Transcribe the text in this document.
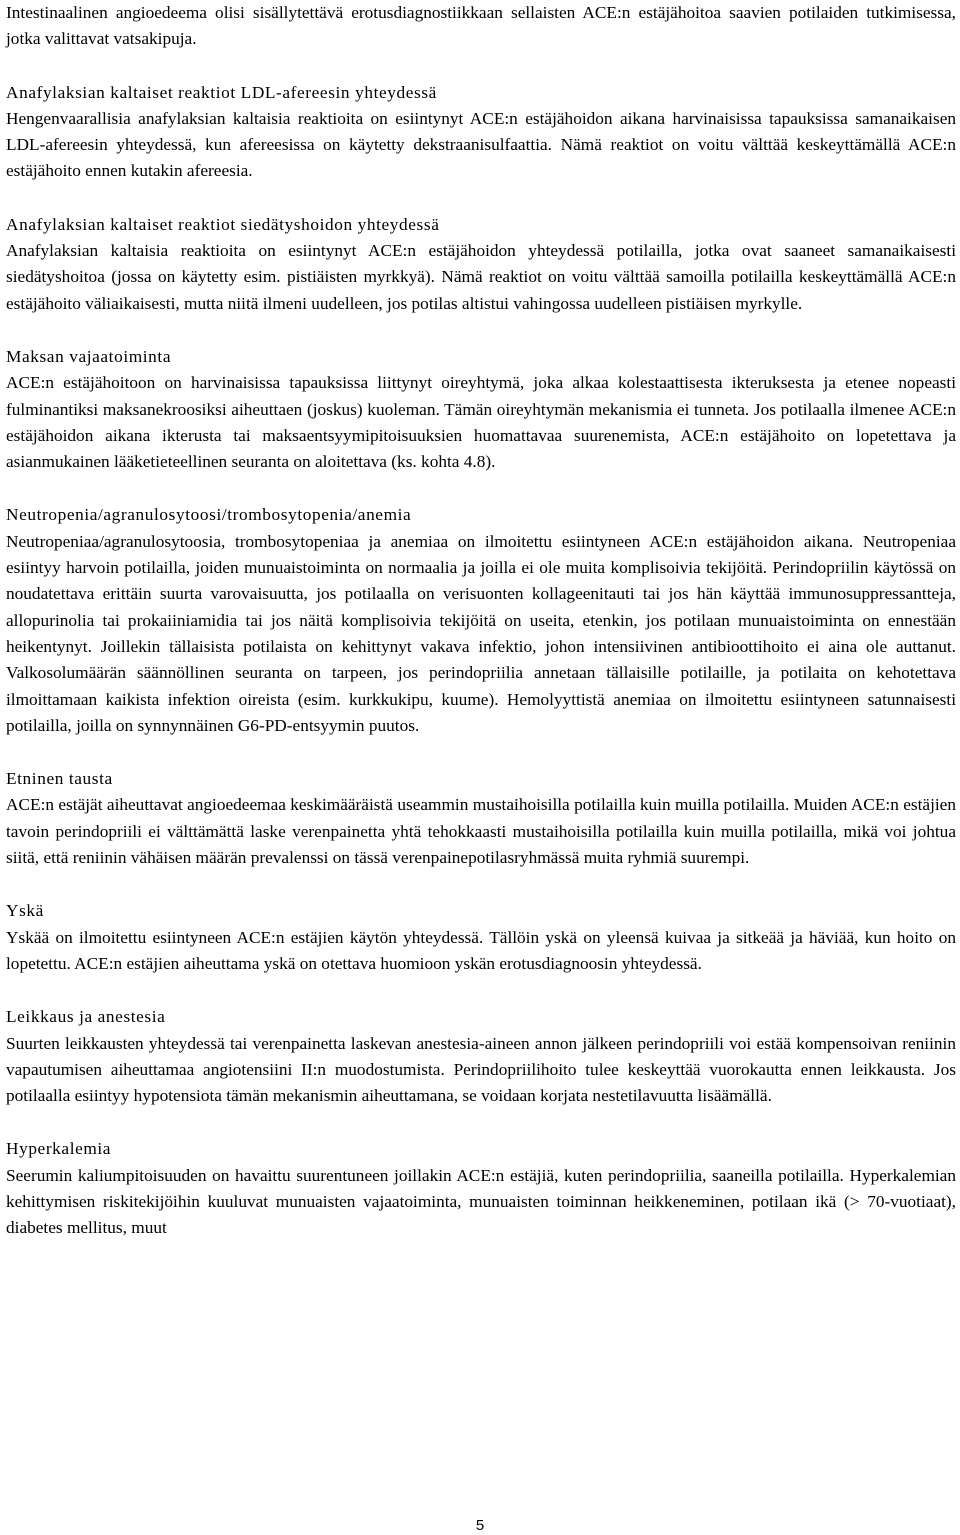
Intestinaalinen angioedeema olisi sisällytettävä erotusdiagnostiikkaan sellaisten ACE:n estäjähoitoa saavien potilaiden tutkimisessa, jotka valittavat vatsakipuja.

Anafylaksian kaltaiset reaktiot LDL-afereesin yhteydessä

Hengenvaarallisia anafylaksian kaltaisia reaktioita on esiintynyt ACE:n estäjähoidon aikana harvinaisissa tapauksissa samanaikaisen LDL-afereesin yhteydessä, kun afereesissa on käytetty dekstraanisulfaattia. Nämä reaktiot on voitu välttää keskeyttämällä ACE:n estäjähoito ennen kutakin afereesia.

Anafylaksian kaltaiset reaktiot siedätyshoidon yhteydessä

Anafylaksian kaltaisia reaktioita on esiintynyt ACE:n estäjähoidon yhteydessä potilailla, jotka ovat saaneet samanaikaisesti siedätyshoitoa (jossa on käytetty esim. pistiäisten myrkkyä). Nämä reaktiot on voitu välttää samoilla potilailla keskeyttämällä ACE:n estäjähoito väliaikaisesti, mutta niitä ilmeni uudelleen, jos potilas altistui vahingossa uudelleen pistiäisen myrkylle.

Maksan vajaatoiminta

ACE:n estäjähoitoon on harvinaisissa tapauksissa liittynyt oireyhtymä, joka alkaa kolestaattisesta ikteruksesta ja etenee nopeasti fulminantiksi maksanekroosiksi aiheuttaen (joskus) kuoleman. Tämän oireyhtymän mekanismia ei tunneta. Jos potilaalla ilmenee ACE:n estäjähoidon aikana ikterusta tai maksaentsyymipitoisuuksien huomattavaa suurenemista, ACE:n estäjähoito on lopetettava ja asianmukainen lääketieteellinen seuranta on aloitettava (ks. kohta 4.8).

Neutropenia/agranulosytoosi/trombosytopenia/anemia

Neutropeniaa/agranulosytoosia, trombosytopeniaa ja anemiaa on ilmoitettu esiintyneen ACE:n estäjähoidon aikana. Neutropeniaa esiintyy harvoin potilailla, joiden munuaistoiminta on normaalia ja joilla ei ole muita komplisoivia tekijöitä. Perindopriilin käytössä on noudatettava erittäin suurta varovaisuutta, jos potilaalla on verisuonten kollageenitauti tai jos hän käyttää immunosuppressantteja, allopurinolia tai prokaiiniamidia tai jos näitä komplisoivia tekijöitä on useita, etenkin, jos potilaan munuaistoiminta on ennestään heikentynyt. Joillekin tällaisista potilaista on kehittynyt vakava infektio, johon intensiivinen antibioottihoito ei aina ole auttanut. Valkosolumäärän säännöllinen seuranta on tarpeen, jos perindopriilia annetaan tällaisille potilaille, ja potilaita on kehotettava ilmoittamaan kaikista infektion oireista (esim. kurkkukipu, kuume). Hemolyyttistä anemiaa on ilmoitettu esiintyneen satunnaisesti potilailla, joilla on synnynnäinen G6-PD-entsyymin puutos.

Etninen tausta

ACE:n estäjät aiheuttavat angioedeemaa keskimääräistä useammin mustaihoisilla potilailla kuin muilla potilailla. Muiden ACE:n estäjien tavoin perindopriili ei välttämättä laske verenpainetta yhtä tehokkaasti mustaihoisilla potilailla kuin muilla potilailla, mikä voi johtua siitä, että reniinin vähäisen määrän prevalenssi on tässä verenpainepotilasryhmässä muita ryhmiä suurempi.

Yskä

Yskää on ilmoitettu esiintyneen ACE:n estäjien käytön yhteydessä. Tällöin yskä on yleensä kuivaa ja sitkeää ja häviää, kun hoito on lopetettu. ACE:n estäjien aiheuttama yskä on otettava huomioon yskän erotusdiagnoosin yhteydessä.

Leikkaus ja anestesia

Suurten leikkausten yhteydessä tai verenpainetta laskevan anestesia-aineen annon jälkeen perindopriili voi estää kompensoivan reniinin vapautumisen aiheuttamaa angiotensiini II:n muodostumista. Perindopriilihoito tulee keskeyttää vuorokautta ennen leikkausta. Jos potilaalla esiintyy hypotensiota tämän mekanismin aiheuttamana, se voidaan korjata nestetilavuutta lisäämällä.

Hyperkalemia

Seerumin kaliumpitoisuuden on havaittu suurentuneen joillakin ACE:n estäjiä, kuten perindopriilia, saaneilla potilailla. Hyperkalemian kehittymisen riskitekijöihin kuuluvat munuaisten vajaatoiminta, munuaisten toiminnan heikkeneminen, potilaan ikä (> 70-vuotiaat), diabetes mellitus, muut

5
